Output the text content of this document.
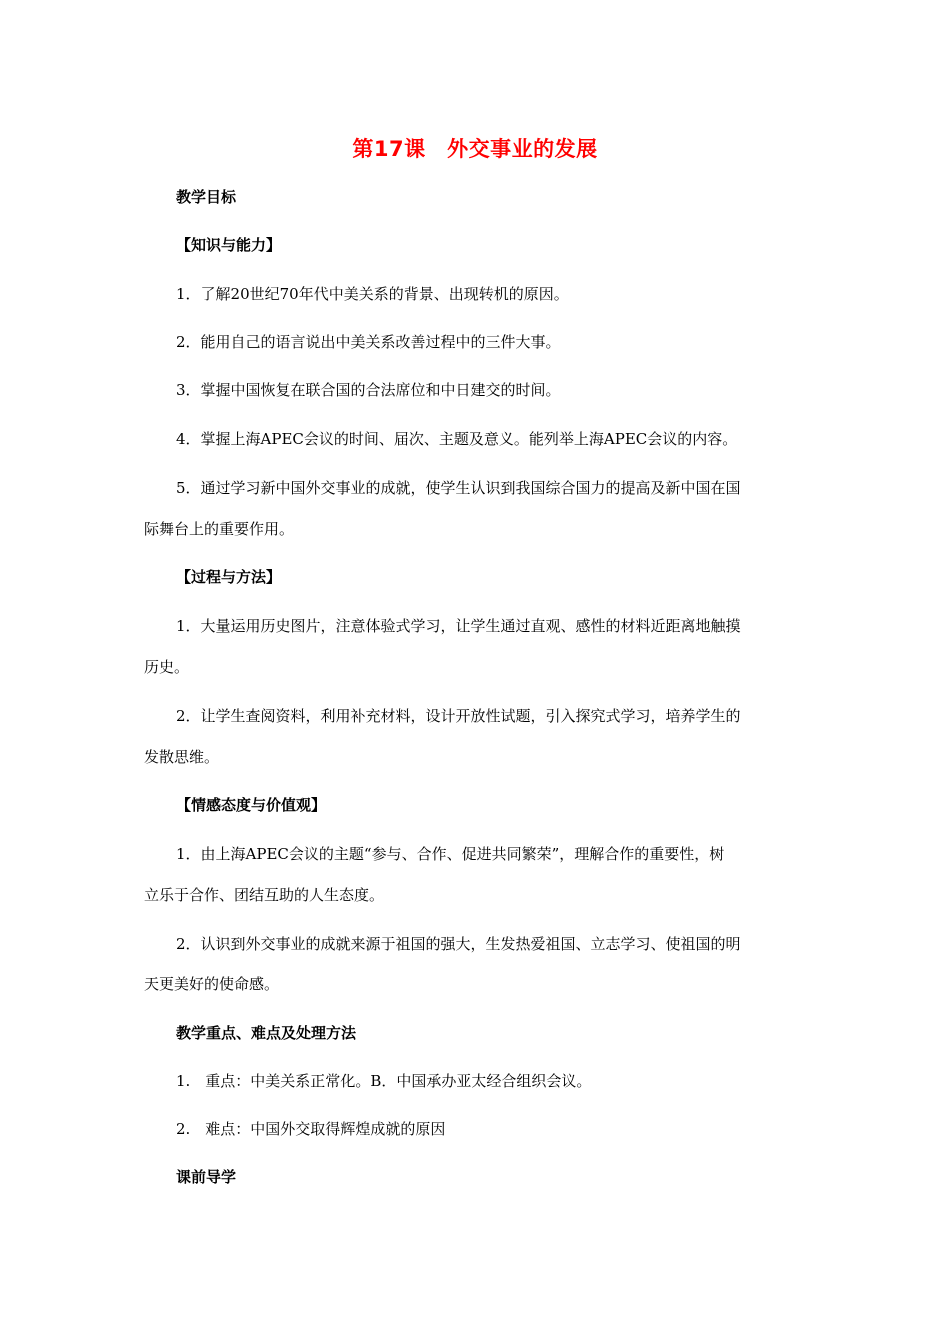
第17课　外交事业的发展
教学目标
【知识与能力】
1．了解20世纪70年代中美关系的背景、出现转机的原因。
2．能用自己的语言说出中美关系改善过程中的三件大事。
3．掌握中国恢复在联合国的合法席位和中日建交的时间。
4．掌握上海APEC会议的时间、届次、主题及意义。能列举上海APEC会议的内容。
5．通过学习新中国外交事业的成就，使学生认识到我国综合国力的提高及新中国在国
际舞台上的重要作用。
【过程与方法】
1．大量运用历史图片，注意体验式学习，让学生通过直观、感性的材料近距离地触摸
历史。
2．让学生查阅资料，利用补充材料，设计开放性试题，引入探究式学习，培养学生的
发散思维。
【情感态度与价值观】
1．由上海APEC会议的主题“参与、合作、促进共同繁荣”，理解合作的重要性，树
立乐于合作、团结互助的人生态度。
2．认识到外交事业的成就来源于祖国的强大，生发热爱祖国、立志学习、使祖国的明
天更美好的使命感。
教学重点、难点及处理方法
1.　重点：中美关系正常化。B．中国承办亚太经合组织会议。
2.　难点：中国外交取得辉煌成就的原因
课前导学
